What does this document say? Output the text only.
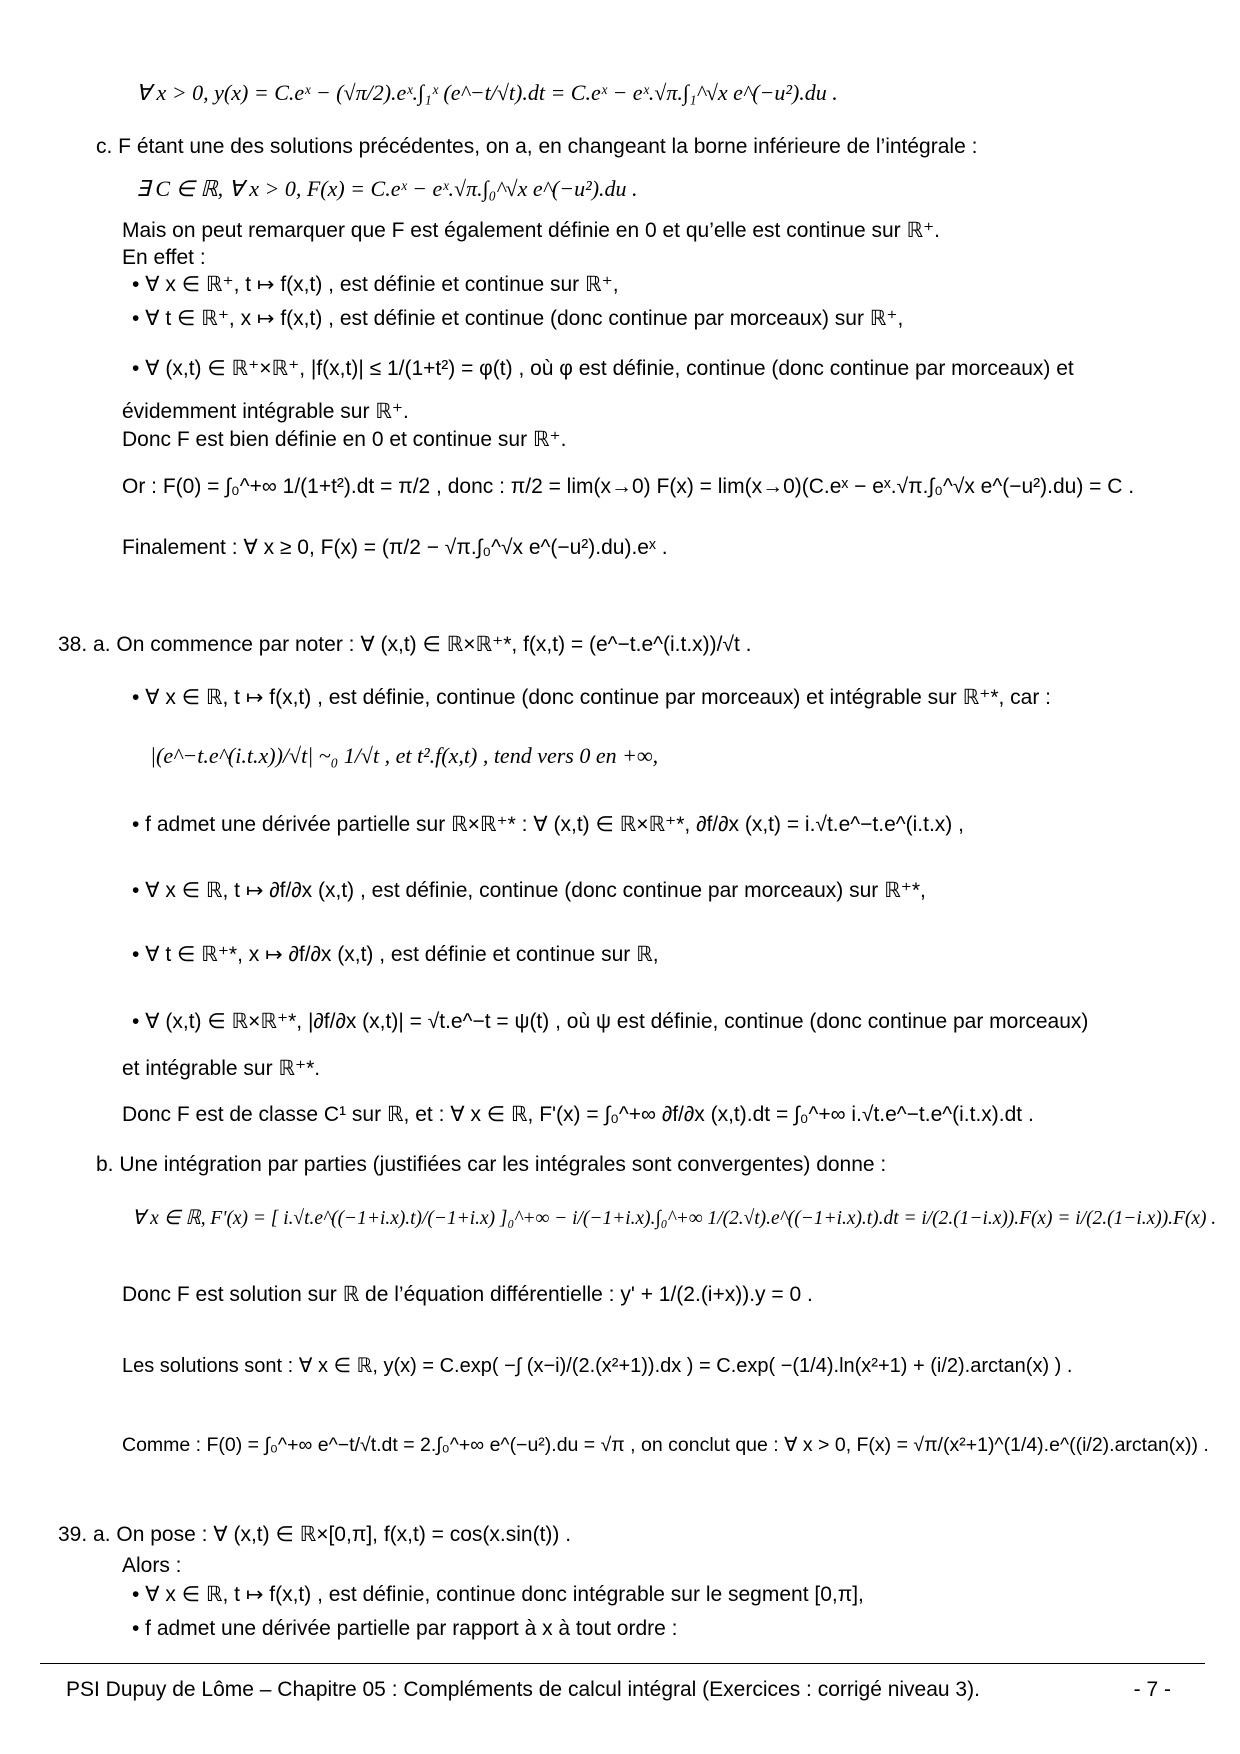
∀ x > 0, y(x) = C.eˣ − (√π/2).eˣ.∫₁ˣ (e^−t/√t).dt = C.eˣ − eˣ.√π.∫₁^√x e^(−u²).du .
c. F étant une des solutions précédentes, on a, en changeant la borne inférieure de l’intégrale :
∃ C ∈ ℝ, ∀ x > 0, F(x) = C.eˣ − eˣ.√π.∫₀^√x e^(−u²).du .
Mais on peut remarquer que F est également définie en 0 et qu’elle est continue sur ℝ⁺.
En effet :
• ∀ x ∈ ℝ⁺, t ↦ f(x,t) , est définie et continue sur ℝ⁺,
• ∀ t ∈ ℝ⁺, x ↦ f(x,t) , est définie et continue (donc continue par morceaux) sur ℝ⁺,
• ∀ (x,t) ∈ ℝ⁺×ℝ⁺, |f(x,t)| ≤ 1/(1+t²) = φ(t) , où φ est définie, continue (donc continue par morceaux) et
évidemment intégrable sur ℝ⁺.
Donc F est bien définie en 0 et continue sur ℝ⁺.
Or : F(0) = ∫₀^+∞ 1/(1+t²).dt = π/2 , donc : π/2 = lim(x→0) F(x) = lim(x→0)(C.eˣ − eˣ.√π.∫₀^√x e^(−u²).du) = C .
Finalement : ∀ x ≥ 0, F(x) = (π/2 − √π.∫₀^√x e^(−u²).du).eˣ .
38. a. On commence par noter : ∀ (x,t) ∈ ℝ×ℝ⁺*, f(x,t) = (e^−t.e^(i.t.x))/√t .
• ∀ x ∈ ℝ, t ↦ f(x,t) , est définie, continue (donc continue par morceaux) et intégrable sur ℝ⁺*, car :
|(e^−t.e^(i.t.x))/√t| ~₀ 1/√t , et t².f(x,t) , tend vers 0 en +∞,
• f admet une dérivée partielle sur ℝ×ℝ⁺* : ∀ (x,t) ∈ ℝ×ℝ⁺*, ∂f/∂x (x,t) = i.√t.e^−t.e^(i.t.x) ,
• ∀ x ∈ ℝ, t ↦ ∂f/∂x (x,t) , est définie, continue (donc continue par morceaux) sur ℝ⁺*,
• ∀ t ∈ ℝ⁺*, x ↦ ∂f/∂x (x,t) , est définie et continue sur ℝ,
• ∀ (x,t) ∈ ℝ×ℝ⁺*, |∂f/∂x (x,t)| = √t.e^−t = ψ(t) , où ψ est définie, continue (donc continue par morceaux)
et intégrable sur ℝ⁺*.
Donc F est de classe C¹ sur ℝ, et : ∀ x ∈ ℝ, F'(x) = ∫₀^+∞ ∂f/∂x (x,t).dt = ∫₀^+∞ i.√t.e^−t.e^(i.t.x).dt .
b. Une intégration par parties (justifiées car les intégrales sont convergentes) donne :
∀ x ∈ ℝ, F'(x) = [ i.√t.e^((−1+i.x).t)/(−1+i.x) ]₀^+∞ − i/(−1+i.x).∫₀^+∞ 1/(2.√t).e^((−1+i.x).t).dt = i/(2.(1−i.x)).F(x) = i/(2.(1−i.x)).F(x) .
Donc F est solution sur ℝ de l’équation différentielle : y' + 1/(2.(i+x)).y = 0 .
Les solutions sont : ∀ x ∈ ℝ, y(x) = C.exp( −∫ (x−i)/(2.(x²+1)).dx ) = C.exp( −(1/4).ln(x²+1) + (i/2).arctan(x) ) .
Comme : F(0) = ∫₀^+∞ e^−t/√t.dt = 2.∫₀^+∞ e^(−u²).du = √π , on conclut que : ∀ x > 0, F(x) = √π/(x²+1)^(1/4).e^((i/2).arctan(x)) .
39. a. On pose : ∀ (x,t) ∈ ℝ×[0,π], f(x,t) = cos(x.sin(t)) .
Alors :
• ∀ x ∈ ℝ, t ↦ f(x,t) , est définie, continue donc intégrable sur le segment [0,π],
• f admet une dérivée partielle par rapport à x à tout ordre :
PSI Dupuy de Lôme – Chapitre 05 : Compléments de calcul intégral (Exercices : corrigé niveau 3).	- 7 -
